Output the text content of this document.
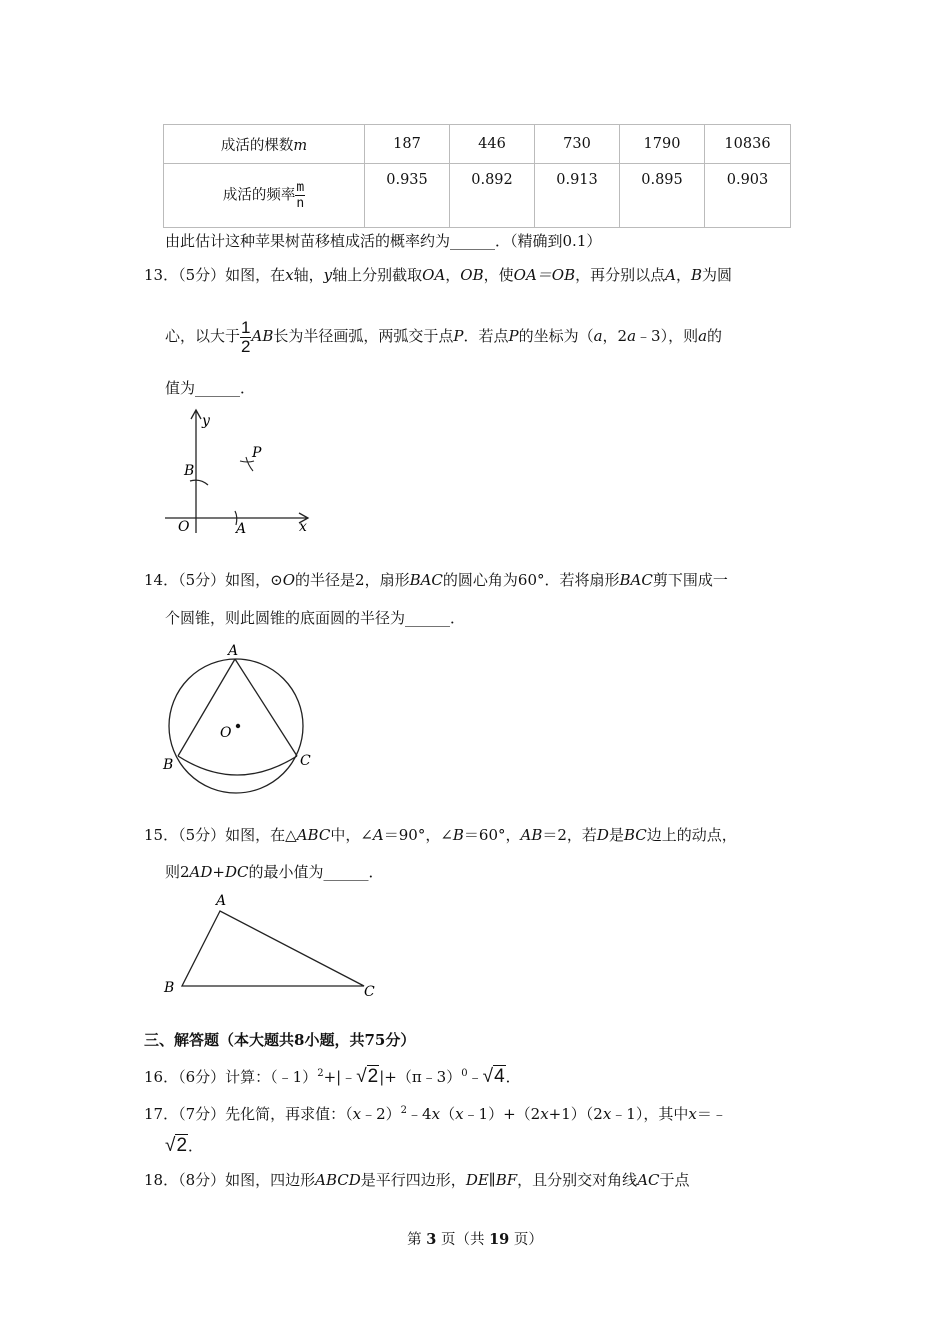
成活的棵数m	187	446	730	1790	10836
成活的频率 $\frac{m}{n}$	0.935	0.892	0.913	0.895	0.903
由此估计这种苹果树苗移植成活的概率约为______．（精确到0.1）
13．（5分）如图，在x轴，y轴上分别截取OA，OB，使OA＝OB，再分别以点A，B为圆
心，以大于 $\frac{1}{2}$ AB长为半径画弧，两弧交于点P．若点P的坐标为（a，2a﹣3），则a的
值为______．
y
x
O	A
B
P
14．（5分）如图，⊙O的半径是2，扇形BAC的圆心角为60°．若将扇形BAC剪下围成一
个圆锥，则此圆锥的底面圆的半径为______．
A
B	C
O
15．（5分）如图，在△ABC中，∠A＝90°，∠B＝60°，AB＝2，若D是BC边上的动点，
则2AD+DC的最小值为______．
A
B	C
三、解答题（本大题共8小题，共75分）
16．（6分）计算：（﹣1）$^2$+|﹣√2|+（π﹣3）$^0$﹣√4．
17．（7分）先化简，再求值：（x﹣2）$^2$﹣4x（x﹣1）+（2x+1）（2x﹣1），其中x＝﹣
√2．
18．（8分）如图，四边形ABCD是平行四边形，DE∥BF，且分别交对角线AC于点
第 3 页（共 19 页）
